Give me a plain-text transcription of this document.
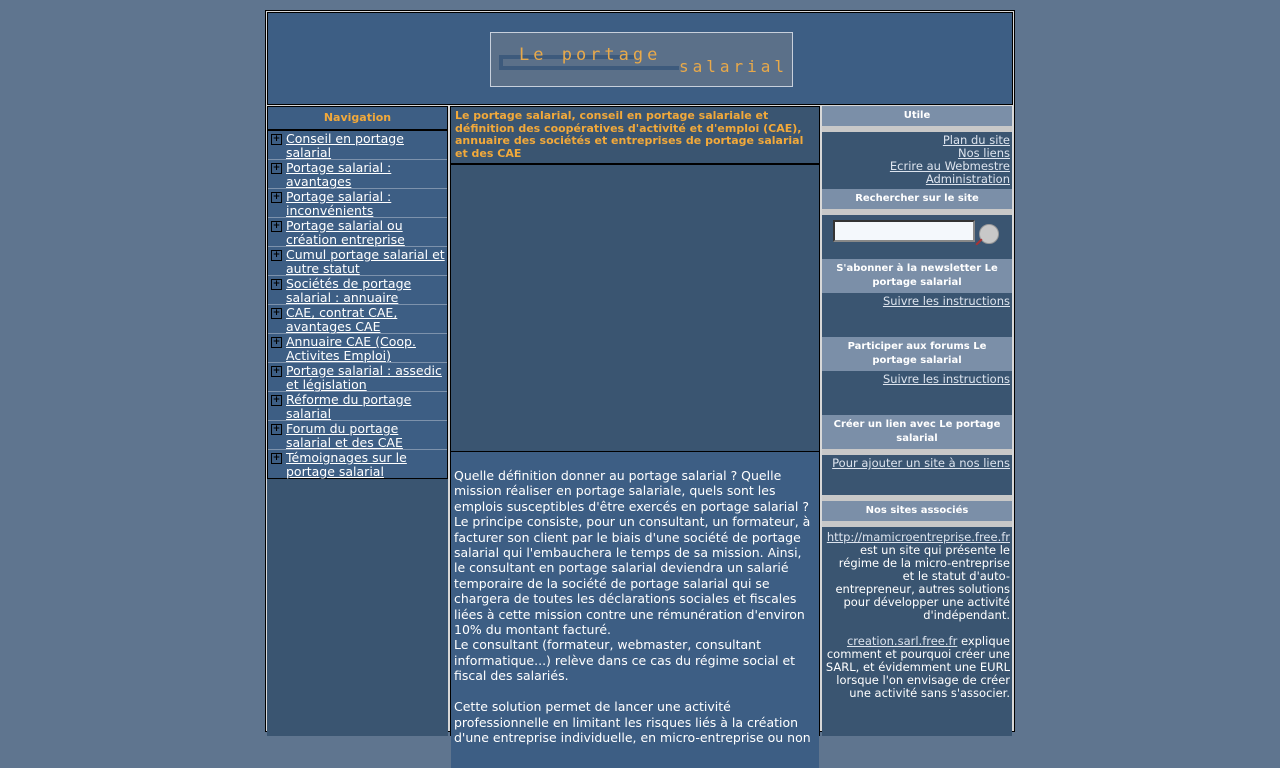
Le portage
salarial
Navigation
+ Conseil en portage salarial
+ Portage salarial : avantages
+ Portage salarial : inconvénients
+ Portage salarial ou création entreprise
+ Cumul portage salarial et autre statut
+ Sociétés de portage salarial : annuaire
+ CAE, contrat CAE, avantages CAE
+ Annuaire CAE (Coop. Activites Emploi)
+ Portage salarial : assedic et législation
+ Réforme du portage salarial
+ Forum du portage salarial et des CAE
+ Témoignages sur le portage salarial
Le portage salarial, conseil en portage salariale et définition des coopératives d'activité et d'emploi (CAE), annuaire des sociétés et entreprises de portage salarial et des CAE
Quelle définition donner au portage salarial ? Quelle mission réaliser en portage salariale, quels sont les emplois susceptibles d'être exercés en portage salarial ? Le principe consiste, pour un consultant, un formateur, à facturer son client par le biais d'une société de portage salarial qui l'embauchera le temps de sa mission. Ainsi, le consultant en portage salarial deviendra un salarié temporaire de la société de portage salarial qui se chargera de toutes les déclarations sociales et fiscales liées à cette mission contre une rémunération d'environ 10% du montant facturé.
Le consultant (formateur, webmaster, consultant informatique...) relève dans ce cas du régime social et fiscal des salariés.

Cette solution permet de lancer une activité professionnelle en limitant les risques liés à la création d'une entreprise individuelle, en micro-entreprise ou non
Utile
Plan du site
Nos liens
Ecrire au Webmestre
Administration
Rechercher sur le site
S'abonner à la newsletter Le portage salarial
Suivre les instructions
Participer aux forums Le portage salarial
Suivre les instructions
Créer un lien avec Le portage salarial
Pour ajouter un site à nos liens
Nos sites associés
http://mamicroentreprise.free.fr est un site qui présente le régime de la micro-entreprise et le statut d'auto-entrepreneur, autres solutions pour développer une activité d'indépendant.

creation.sarl.free.fr explique comment et pourquoi créer une SARL, et évidemment une EURL lorsque l'on envisage de créer une activité sans s'associer.
